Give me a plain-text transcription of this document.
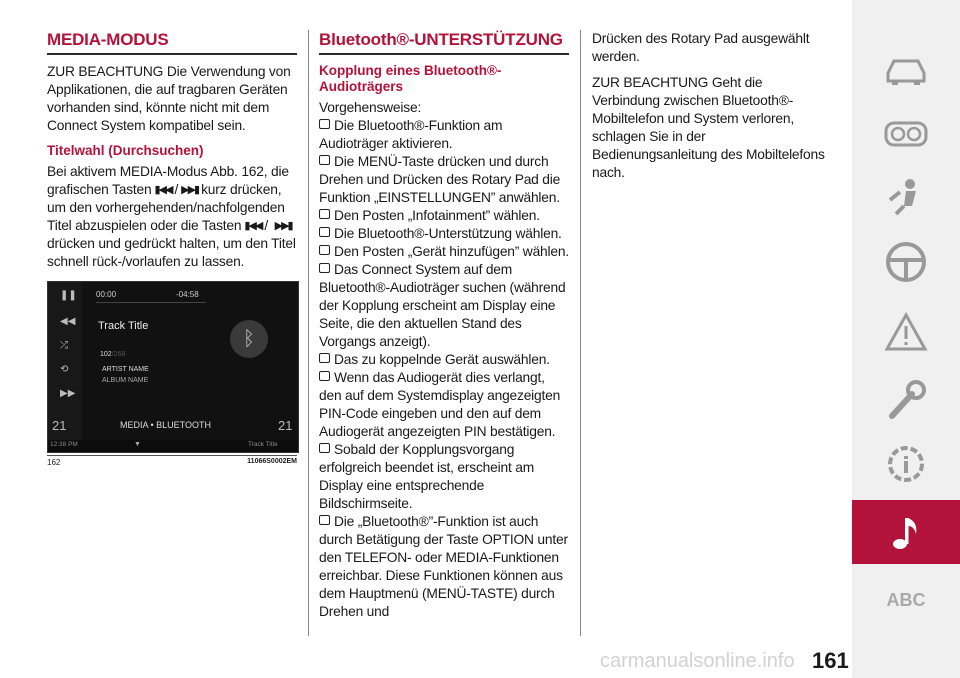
MEDIA-MODUS

ZUR BEACHTUNG Die Verwendung von Applikationen, die auf tragbaren Geräten vorhanden sind, könnte nicht mit dem Connect System kompatibel sein.

Titelwahl (Durchsuchen)

Bei aktivem MEDIA-Modus Abb. 162, die grafischen Tasten ▮◀◀ / ▶▶▮ kurz drücken, um den vorhergehenden/nachfolgenden Titel abzuspielen oder die Tasten ▮◀◀ / ▶▶▮drücken und gedrückt halten, um den Titel schnell rück-/vorlaufen zu lassen.

❚❚
◀◀
⤮
⟲
▶▶
00:00	-04:58
Track Title
102/268
ARTIST NAME
ALBUM NAME
ᛒ
21	MEDIA • BLUETOOTH	21
12:38 PM	▼	Track Title
162	11066S0002EM
Bluetooth®-UNTERSTÜTZUNG
Kopplung eines Bluetooth®-Audioträgers
Vorgehensweise:
Die Bluetooth®-Funktion am Audioträger aktivieren.
Die MENÜ-Taste drücken und durch Drehen und Drücken des Rotary Pad die Funktion „EINSTELLUNGEN” anwählen.
Den Posten „Infotainment” wählen.
Die Bluetooth®-Unterstützung wählen.
Den Posten „Gerät hinzufügen” wählen.
Das Connect System auf dem Bluetooth®-Audioträger suchen (während der Kopplung erscheint am Display eine Seite, die den aktuellen Stand des Vorgangs anzeigt).
Das zu koppelnde Gerät auswählen.
Wenn das Audiogerät dies verlangt, den auf dem Systemdisplay angezeigten PIN-Code eingeben und den auf dem Audiogerät angezeigten PIN bestätigen.
Sobald der Kopplungsvorgang erfolgreich beendet ist, erscheint am Display eine entsprechende Bildschirmseite.
Die „Bluetooth®”-Funktion ist auch durch Betätigung der Taste OPTION unter den TELEFON- oder MEDIA-Funktionen erreichbar. Diese Funktionen können aus dem Hauptmenü (MENÜ-TASTE) durch Drehen und

Drücken des Rotary Pad ausgewählt werden.

ZUR BEACHTUNG Geht die Verbindung zwischen Bluetooth®-Mobiltelefon und System verloren, schlagen Sie in der Bedienungsanleitung des Mobiltelefons nach.

ABC
carmanualsonline.info 161
